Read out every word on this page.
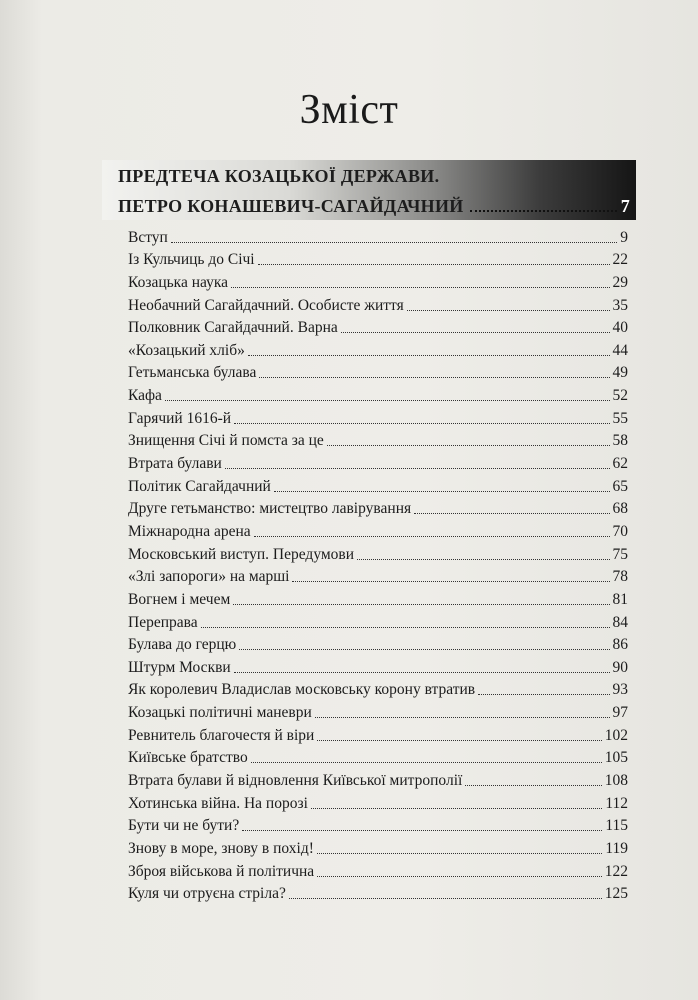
Зміст
ПРЕДТЕЧА КОЗАЦЬКОЇ ДЕРЖАВИ.
ПЕТРО КОНАШЕВИЧ-САГАЙДАЧНИЙ	7
Вступ	9
Із Кульчиць до Січі	22
Козацька наука	29
Необачний Сагайдачний. Особисте життя	35
Полковник Сагайдачний. Варна	40
«Козацький хліб»	44
Гетьманська булава	49
Кафа	52
Гарячий 1616-й	55
Знищення Січі й помста за це	58
Втрата булави	62
Політик Сагайдачний	65
Друге гетьманство: мистецтво лавірування	68
Міжнародна арена	70
Московський виступ. Передумови	75
«Злі запороги» на марші	78
Вогнем і мечем	81
Переправа	84
Булава до герцю	86
Штурм Москви	90
Як королевич Владислав московську корону втратив	93
Козацькі політичні маневри	97
Ревнитель благочестя й віри	102
Київське братство	105
Втрата булави й відновлення Київської митрополії	108
Хотинська війна. На порозі	112
Бути чи не бути?	115
Знову в море, знову в похід!	119
Зброя військова й політична	122
Куля чи отруєна стріла?	125
